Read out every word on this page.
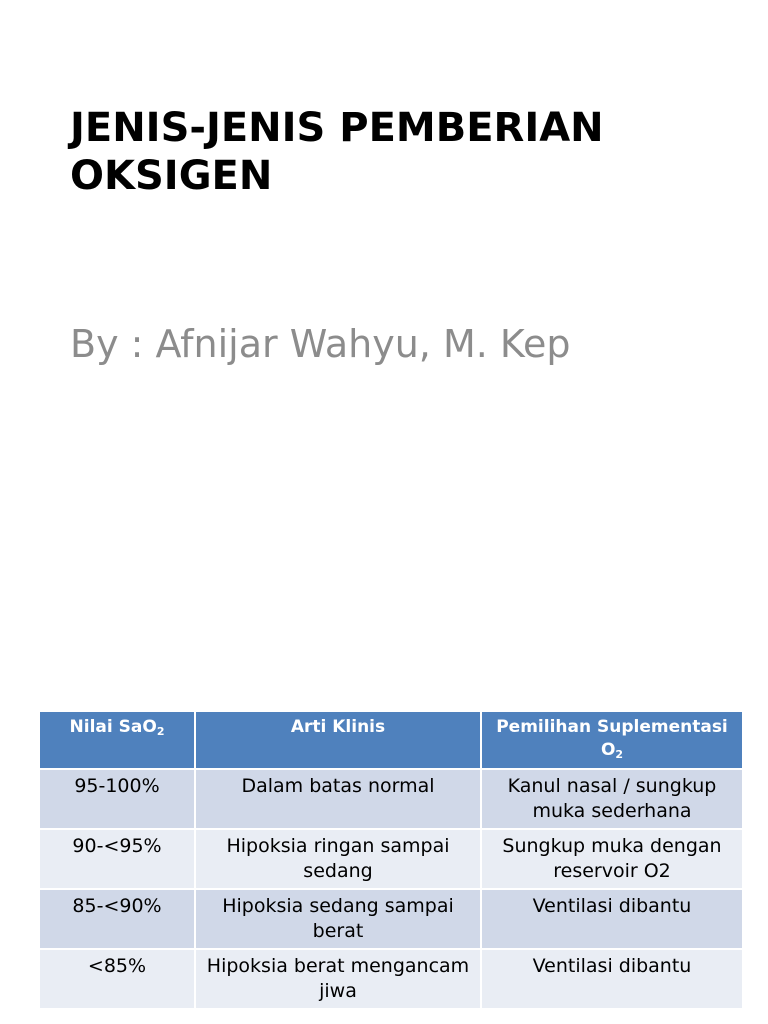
JENIS-JENIS PEMBERIAN OKSIGEN

By : Afnijar Wahyu, M. Kep

Nilai SaO$_2$	Arti Klinis	Pemilihan Suplementasi $O_2$
95-100%	Dalam batas normal	Kanul nasal / sungkup muka sederhana
90-<95%	Hipoksia ringan sampai sedang	Sungkup muka dengan reservoir O2
85-<90%	Hipoksia sedang sampai berat	Ventilasi dibantu
<85%	Hipoksia berat mengancam jiwa	Ventilasi dibantu
